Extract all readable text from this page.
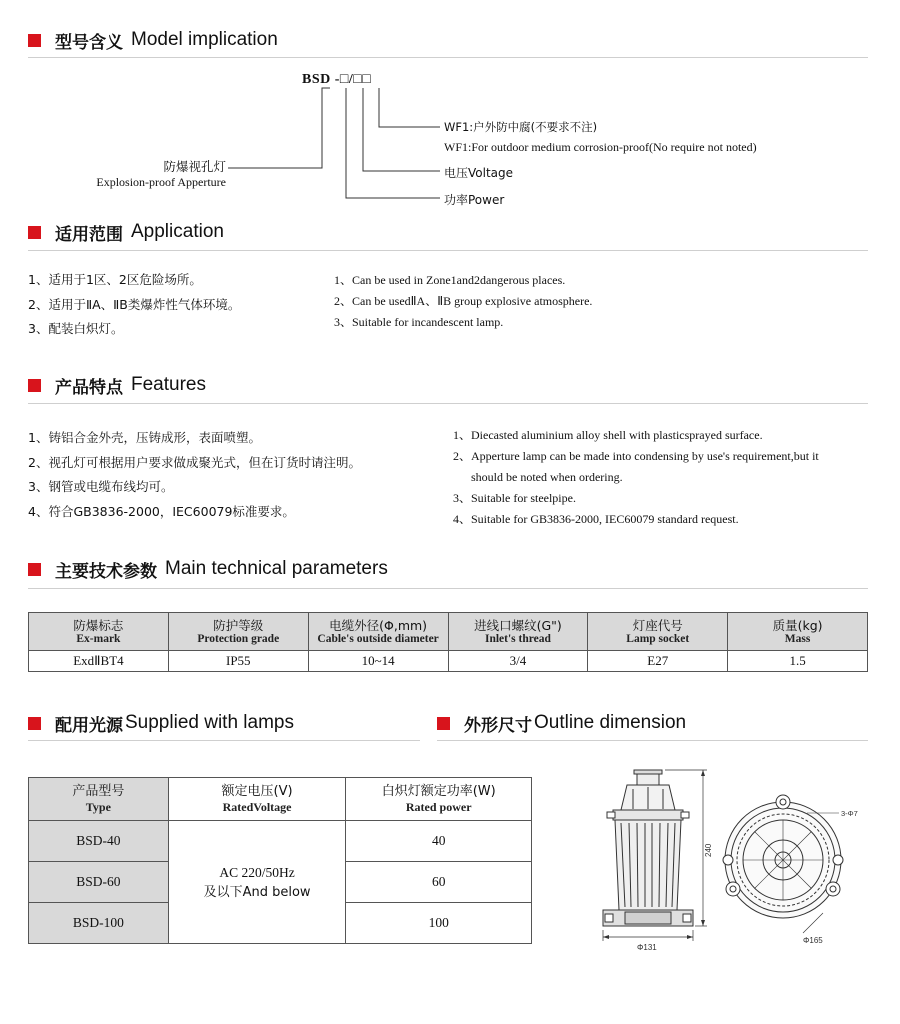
型号含义 Model implication
BSD -□/□□
WF1:户外防中腐(不要求不注)
WF1:For outdoor medium corrosion-proof(No require not noted)
电压Voltage
功率Power
防爆视孔灯
Explosion-proof Apperture
适用范围 Application
1、适用于1区、2区危险场所。
2、适用于ⅡA、ⅡB类爆炸性气体环境。
3、配装白炽灯。
1、Can be used in Zone1and2dangerous places.
2、Can be usedⅡA、ⅡB group explosive atmosphere.
3、Suitable for incandescent lamp.
产品特点 Features
1、铸铝合金外壳，压铸成形，表面喷塑。
2、视孔灯可根据用户要求做成聚光式，但在订货时请注明。
3、钢管或电缆布线均可。
4、符合GB3836-2000，IEC60079标准要求。
1、Diecasted aluminium alloy shell with plasticsprayed surface.
2、Apperture lamp can be made into condensing by use's requirement,but it
should be noted when ordering.
3、Suitable for steelpipe.
4、Suitable for GB3836-2000, IEC60079 standard request.
主要技术参数 Main technical parameters
防爆标志
Ex-mark	防护等级
Protection grade	电缆外径(Φ,mm)
Cable's outside diameter	进线口螺纹(G")
Inlet's thread	灯座代号
Lamp socket	质量(kg)
Mass

ExdⅡBT4	IP55	10~14	3/4	E27	1.5
配用光源 Supplied with lamps	外形尺寸 Outline dimension
产品型号
Type	额定电压(V)
RatedVoltage	白炽灯额定功率(W)
Rated power

BSD-40	AC 220/50Hz
及以下And below	40
BSD-60		60
BSD-100		100
Φ131
240
3-Φ7
Φ165
